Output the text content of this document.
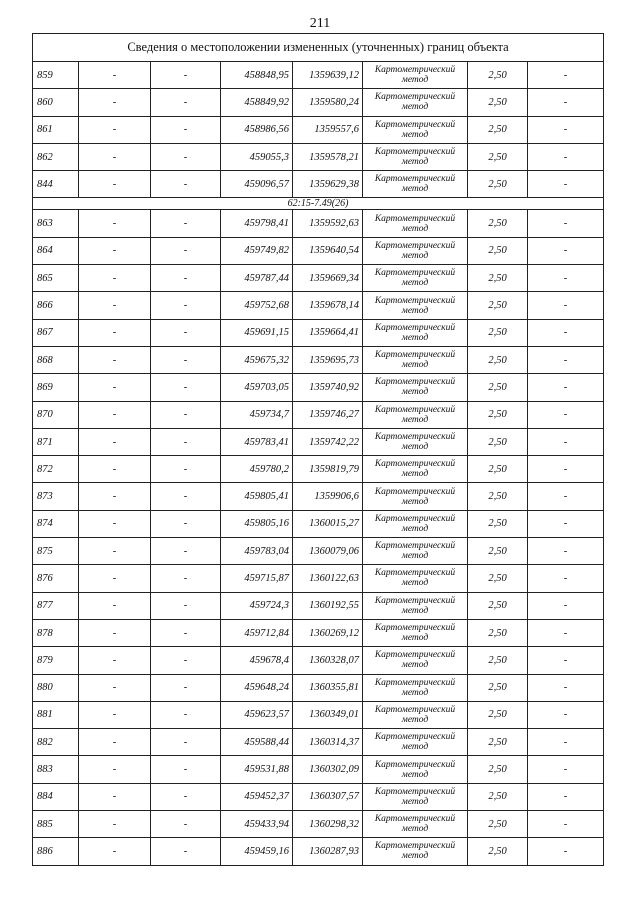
211
Сведения о местоположении измененных (уточненных) границ объекта							
859	-	-	458848,95	1359639,12	Картометрический метод	2,50	-
860	-	-	458849,92	1359580,24	Картометрический метод	2,50	-
861	-	-	458986,56	1359557,6	Картометрический метод	2,50	-
862	-	-	459055,3	1359578,21	Картометрический метод	2,50	-
844	-	-	459096,57	1359629,38	Картометрический метод	2,50	-
62:15-7.49(26)							
863	-	-	459798,41	1359592,63	Картометрический метод	2,50	-
864	-	-	459749,82	1359640,54	Картометрический метод	2,50	-
865	-	-	459787,44	1359669,34	Картометрический метод	2,50	-
866	-	-	459752,68	1359678,14	Картометрический метод	2,50	-
867	-	-	459691,15	1359664,41	Картометрический метод	2,50	-
868	-	-	459675,32	1359695,73	Картометрический метод	2,50	-
869	-	-	459703,05	1359740,92	Картометрический метод	2,50	-
870	-	-	459734,7	1359746,27	Картометрический метод	2,50	-
871	-	-	459783,41	1359742,22	Картометрический метод	2,50	-
872	-	-	459780,2	1359819,79	Картометрический метод	2,50	-
873	-	-	459805,41	1359906,6	Картометрический метод	2,50	-
874	-	-	459805,16	1360015,27	Картометрический метод	2,50	-
875	-	-	459783,04	1360079,06	Картометрический метод	2,50	-
876	-	-	459715,87	1360122,63	Картометрический метод	2,50	-
877	-	-	459724,3	1360192,55	Картометрический метод	2,50	-
878	-	-	459712,84	1360269,12	Картометрический метод	2,50	-
879	-	-	459678,4	1360328,07	Картометрический метод	2,50	-
880	-	-	459648,24	1360355,81	Картометрический метод	2,50	-
881	-	-	459623,57	1360349,01	Картометрический метод	2,50	-
882	-	-	459588,44	1360314,37	Картометрический метод	2,50	-
883	-	-	459531,88	1360302,09	Картометрический метод	2,50	-
884	-	-	459452,37	1360307,57	Картометрический метод	2,50	-
885	-	-	459433,94	1360298,32	Картометрический метод	2,50	-
886	-	-	459459,16	1360287,93	Картометрический метод	2,50	-
